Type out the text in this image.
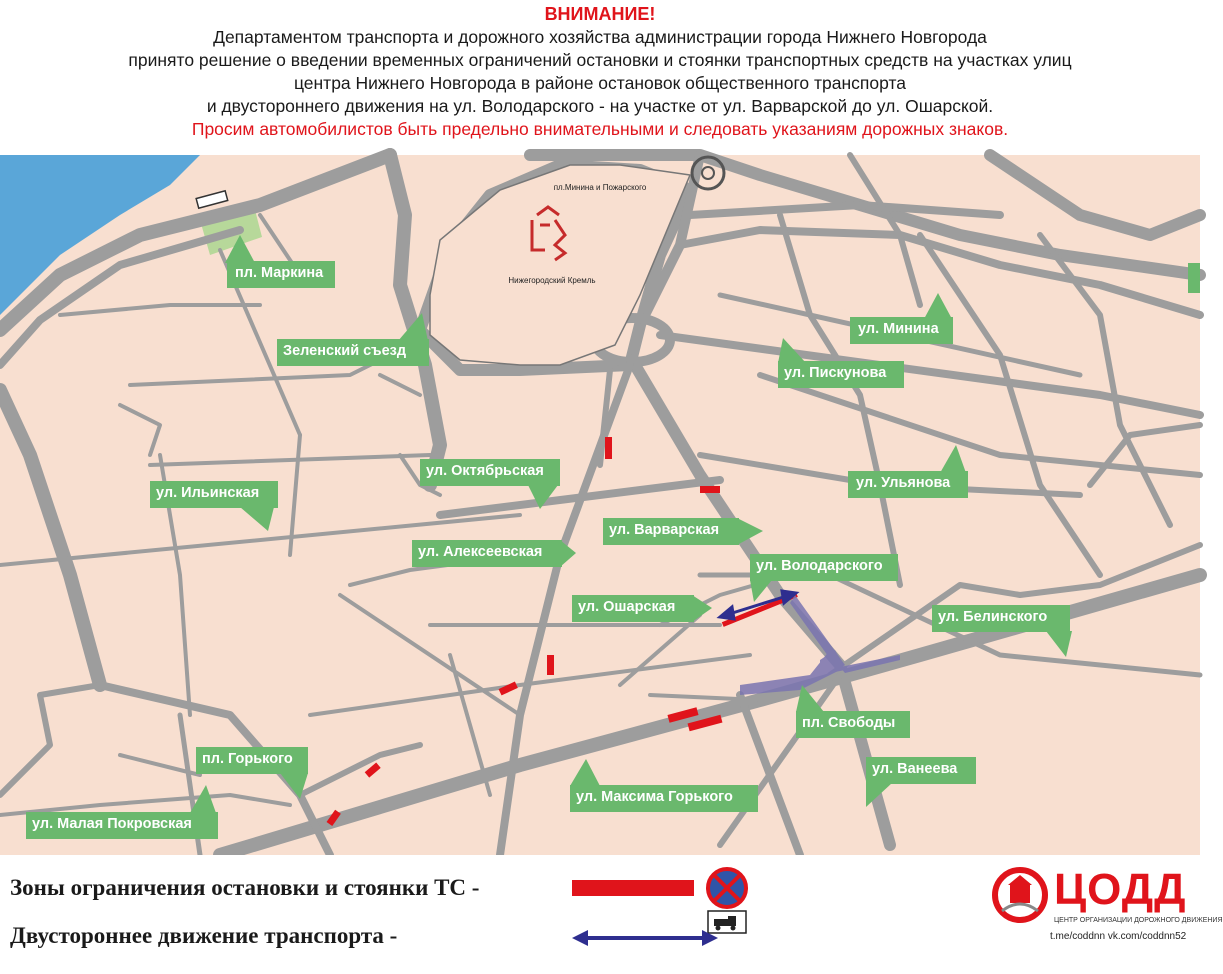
ВНИМАНИЕ!
Департаментом транспорта и дорожного хозяйства администрации города Нижнего Новгорода
принято решение о введении временных ограничений остановки и стоянки транспортных средств на участках улиц
центра Нижнего Новгорода в районе остановок общественного транспорта
и двустороннего движения на ул. Володарского - на участке от ул. Варварской до ул. Ошарской.
Просим автомобилистов быть предельно внимательными и следовать указаниям дорожных знаков.
пл.Минина и Пожарского
Нижегородский Кремль
пл. Маркина
Зеленский съезд
ул. Минина
ул. Пискунова
ул. Октябрьская
ул. Ильинская
ул. Ульянова
ул. Варварская
ул. Алексеевская
ул. Володарского
ул. Ошарская
ул. Белинского
пл. Свободы
пл. Горького
ул. Ванеева
ул. Максима Горького
ул. Малая Покровская
Зоны ограничения остановки и стоянки ТС -
Двустороннее движение транспорта -
ЦОДД
ЦЕНТР ОРГАНИЗАЦИИ ДОРОЖНОГО ДВИЖЕНИЯ
t.me/coddnn vk.com/coddnn52
